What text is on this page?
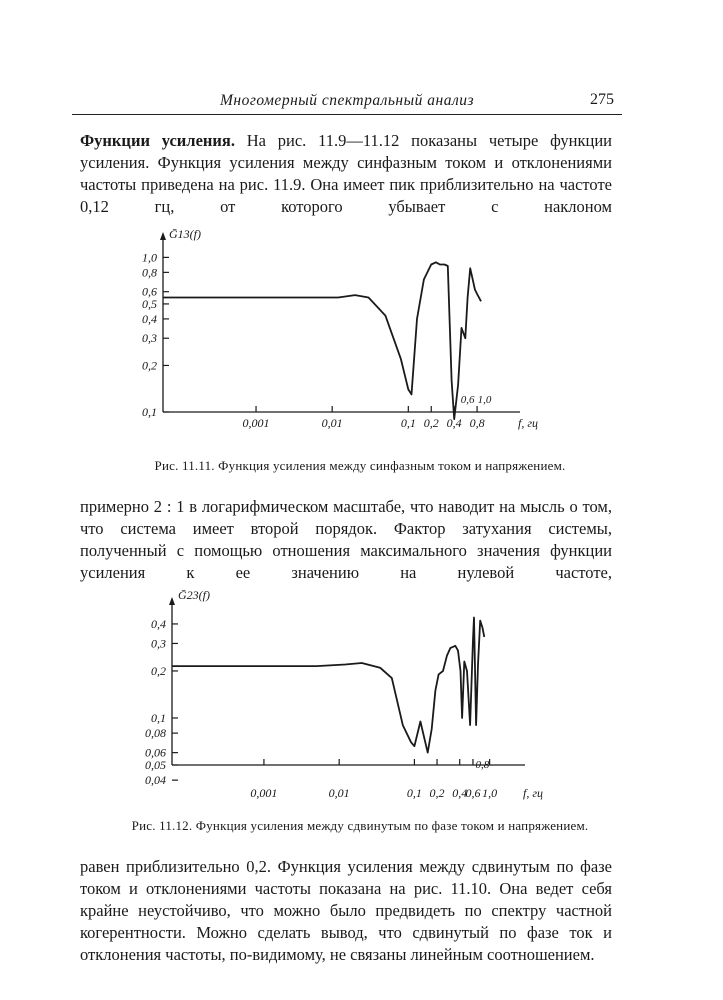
Многомерный спектральный анализ	275

Функции усиления. На рис. 11.9—11.12 показаны четыре функции усиления. Функция усиления между синфазным током и отклонениями частоты приведена на рис. 11.9. Она имеет пик приблизительно на частоте 0,12 гц, от которого убывает с наклоном

Ḡ13(f)
1,0
0,8
0,6
0,5
0,4
0,3
0,2
0,1
0,001	0,01	0,1 0,2 0,4 0,8
0,6 1,0
f, гц

Рис. 11.11. Функция усиления между синфазным током и напряжением.

примерно 2 : 1 в логарифмическом масштабе, что наводит на мысль о том, что система имеет второй порядок. Фактор затухания системы, полученный с помощью отношения максимального значения функции усиления к ее значению на нулевой частоте,

Ḡ23(f)
0,4
0,3
0,2
0,1
0,08
0,06
0,04
0,05
0,001	0,01	0,1 0,2 0,4
0,6 1,0
0,8
f, гц

Рис. 11.12. Функция усиления между сдвинутым по фазе током и напряжением.

равен приблизительно 0,2. Функция усиления между сдвинутым по фазе током и отклонениями частоты показана на рис. 11.10. Она ведет себя крайне неустойчиво, что можно было предвидеть по спектру частной когерентности. Можно сделать вывод, что сдвинутый по фазе ток и отклонения частоты, по-видимому, не связаны линейным соотношением.
